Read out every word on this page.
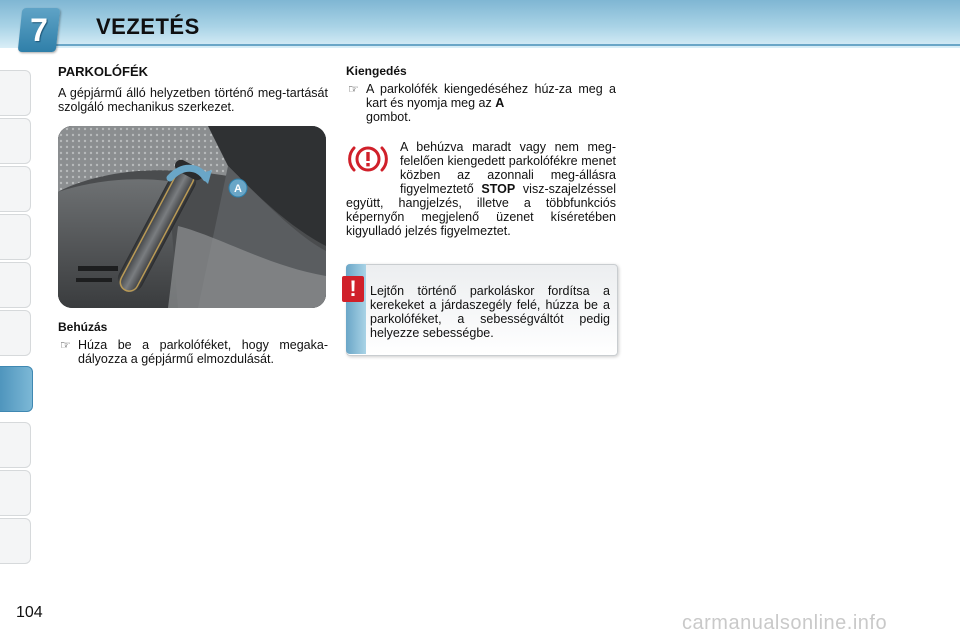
7	VEZETÉS
PARKOLÓFÉK
A gépjármű álló helyzetben történő meg-tartását szolgáló mechanikus szerkezet.
A
Behúzás
☞ Húza be a parkolóféket, hogy megaka-dályozza a gépjármű elmozdulását.
Kiengedés
☞ A parkolófék kiengedéséhez húz-za meg a kart és nyomja meg az A
gombot.
A behúzva maradt vagy nem meg-felelően kiengedett parkolófékre menet közben az azonnali meg-állásra figyelmeztető STOP visz-szajelzéssel együtt, hangjelzés, illetve a többfunkciós képernyőn megjelenő üzenet kíséretében kigyulladó jelzés figyelmeztet.
!	Lejtőn történő parkoláskor fordítsa a kerekeket a járdaszegély felé, húzza be a parkolóféket, a sebességváltót pedig helyezze sebességbe.
104	carmanualsonline.info
